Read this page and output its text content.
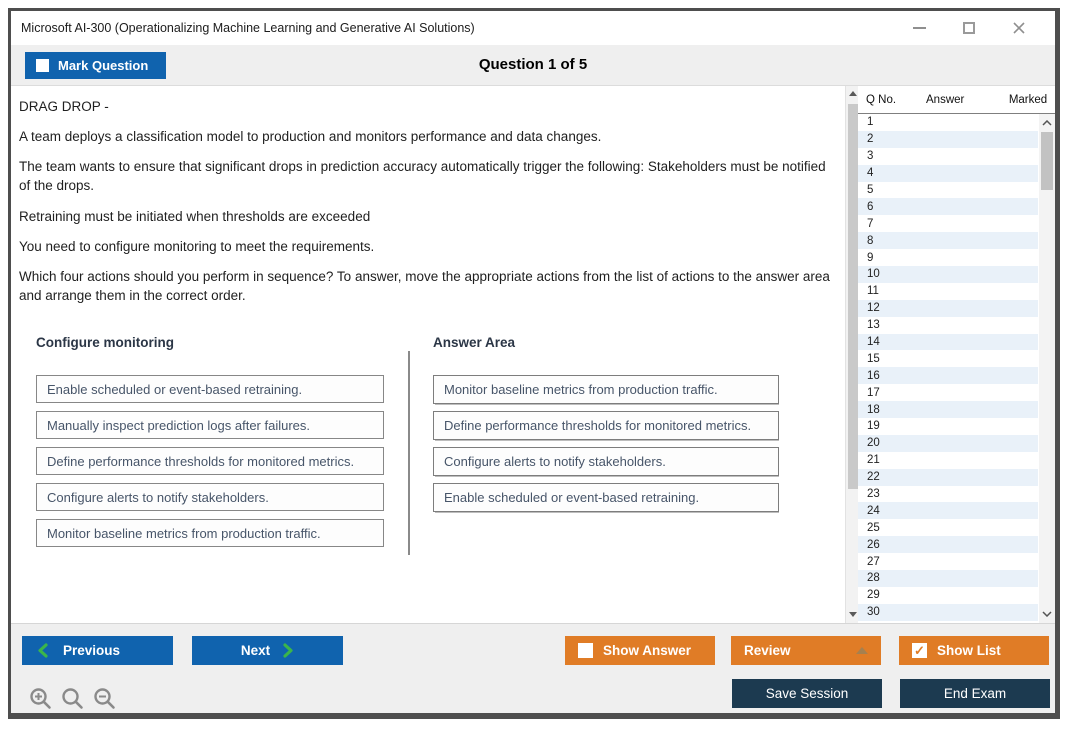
Microsoft AI-300 (Operationalizing Machine Learning and Generative AI Solutions)
Mark Question	Question 1 of 5

DRAG DROP -

A team deploys a classification model to production and monitors performance and data changes.

The team wants to ensure that significant drops in prediction accuracy automatically trigger the following: Stakeholders must be notified of the drops.

Retraining must be initiated when thresholds are exceeded

You need to configure monitoring to meet the requirements.

Which four actions should you perform in sequence? To answer, move the appropriate actions from the list of actions to the answer area and arrange them in the correct order.

Configure monitoring
Enable scheduled or event-based retraining.
Manually inspect prediction logs after failures.
Define performance thresholds for monitored metrics.
Configure alerts to notify stakeholders.
Monitor baseline metrics from production traffic.
Answer Area
Monitor baseline metrics from production traffic.
Define performance thresholds for monitored metrics.
Configure alerts to notify stakeholders.
Enable scheduled or event-based retraining.
Q No.	Answer	Marked
1
2
3
4
5
6
7
8
9
10
11
12
13
14
15
16
17
18
19
20
21
22
23
24
25
26
27
28
29
30
Previous	Next	Show Answer	Review	✓ Show List
Save Session	End Exam
